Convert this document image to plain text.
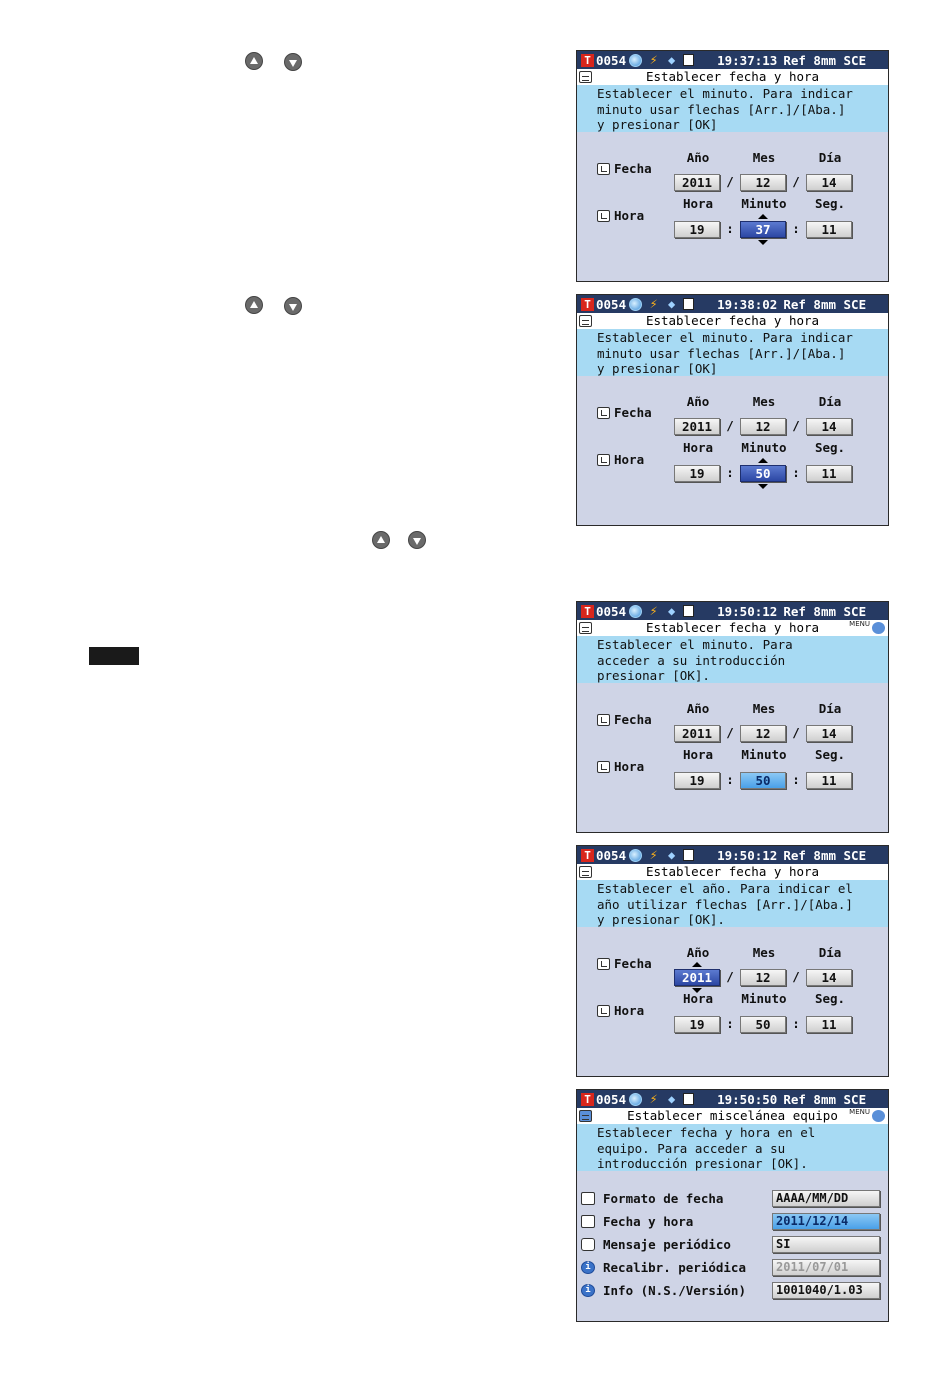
T 0054 ⚡ ◆	19:37:13 Ref 8mm SCE
Establecer fecha y hora
Establecer el minuto. Para indicar
minuto usar flechas [Arr.]/[Aba.]
y presionar [OK]
Año	Mes	Día
Fecha
2011	/	12	/	14
Hora	Minuto	Seg.
Hora
19	:	37	:	11
T 0054 ⚡ ◆	19:38:02 Ref 8mm SCE
Establecer fecha y hora
Establecer el minuto. Para indicar
minuto usar flechas [Arr.]/[Aba.]
y presionar [OK]
Año	Mes	Día
Fecha
2011	/	12	/	14
Hora	Minuto	Seg.
Hora
19	:	50	:	11
T 0054 ⚡ ◆	19:50:12 Ref 8mm SCE
Establecer fecha y hora	MENU
Establecer el minuto. Para
acceder a su introducción
presionar [OK].
Año	Mes	Día
Fecha
2011	/	12	/	14
Hora	Minuto	Seg.
Hora
19	:	50	:	11
T 0054 ⚡ ◆	19:50:12 Ref 8mm SCE
Establecer fecha y hora
Establecer el año. Para indicar el
año utilizar flechas [Arr.]/[Aba.]
y presionar [OK].
Año	Mes	Día
Fecha
2011	/	12	/	14
Hora	Minuto	Seg.
Hora
19	:	50	:	11
T 0054 ⚡ ◆	19:50:50 Ref 8mm SCE
Establecer miscelánea equipo MENU
Establecer fecha y hora en el
equipo. Para acceder a su
introducción presionar [OK].
Formato de fecha	AAAA/MM/DD
Fecha y hora	2011/12/14
Mensaje periódico	SI
i Recalibr. periódica	2011/07/01
i Info (N.S./Versión)	1001040/1.03
